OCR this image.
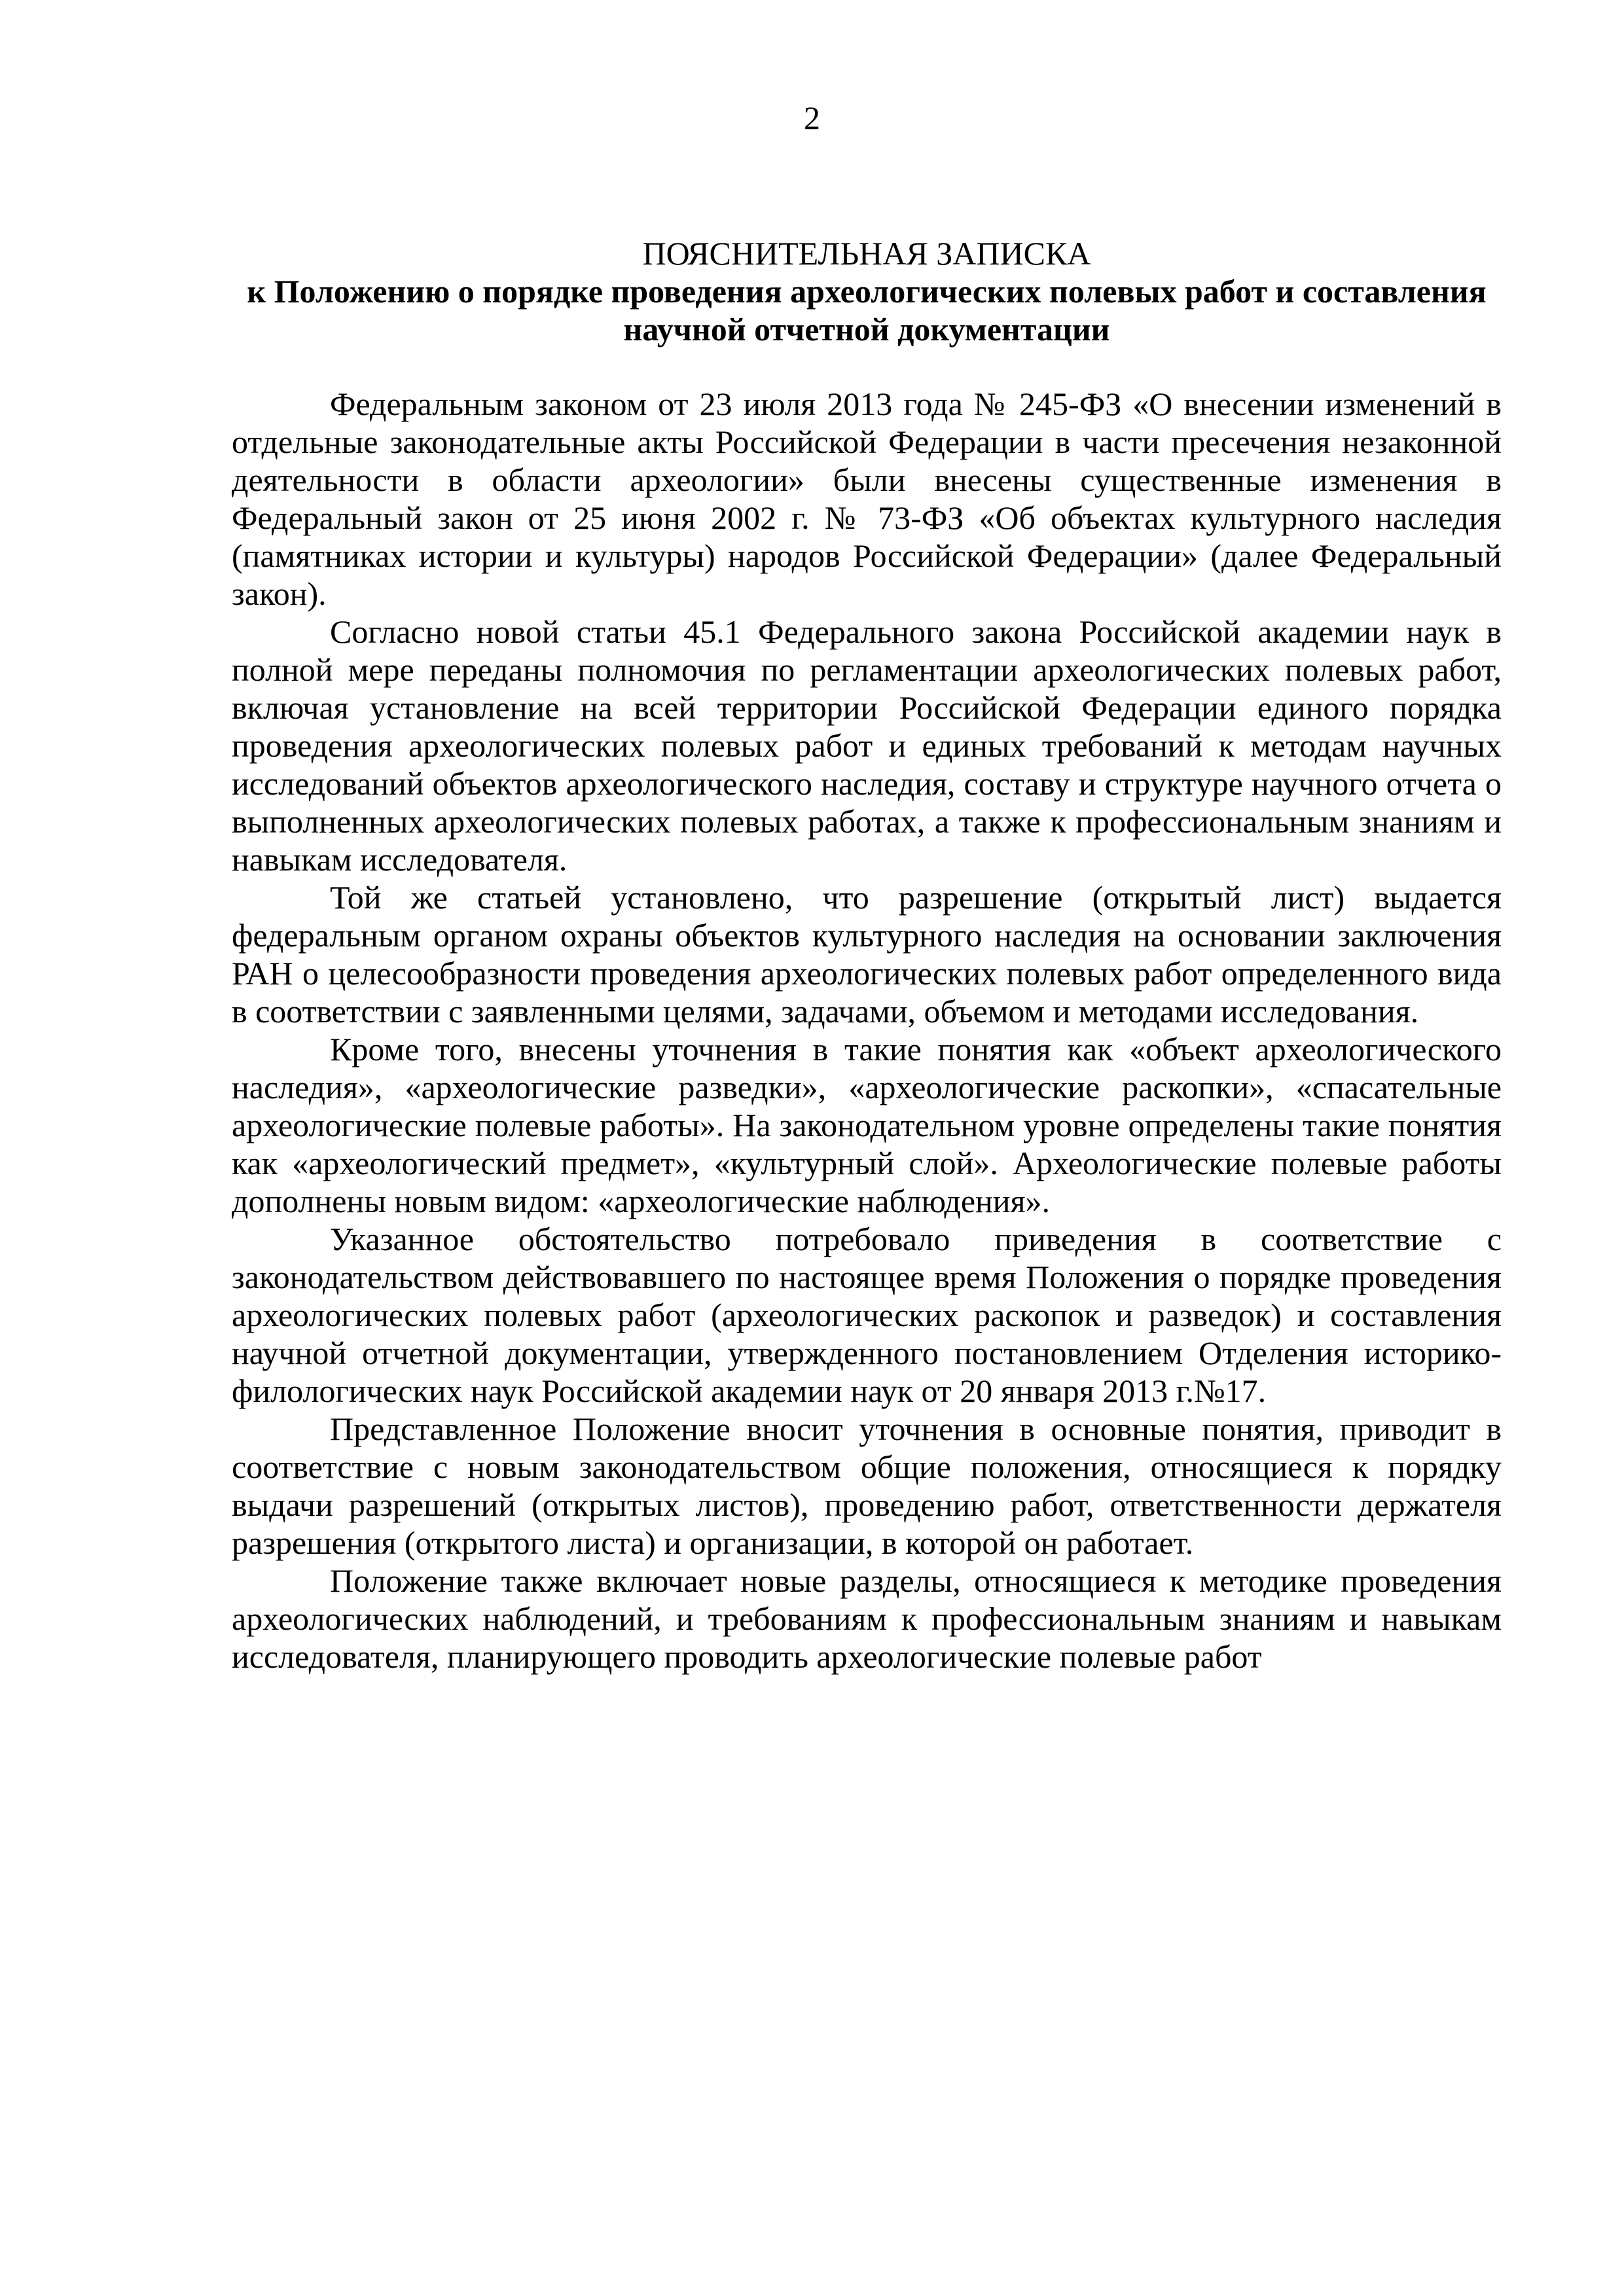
2
ПОЯСНИТЕЛЬНАЯ ЗАПИСКА
к Положению о порядке проведения археологических полевых работ и составления научной отчетной документации

Федеральным законом от 23 июля 2013 года № 245-ФЗ «О внесении изменений в отдельные законодательные акты Российской Федерации в части пресечения незаконной деятельности в области археологии» были внесены существенные изменения в Федеральный закон от 25 июня 2002 г. № 73-ФЗ «Об объектах культурного наследия (памятниках истории и культуры) народов Российской Федерации» (далее Федеральный закон).

Согласно новой статьи 45.1 Федерального закона Российской академии наук в полной мере переданы полномочия по регламентации археологических полевых работ, включая установление на всей территории Российской Федерации единого порядка проведения археологических полевых работ и единых требований к методам научных исследований объектов археологического наследия, составу и структуре научного отчета о выполненных археологических полевых работах, а также к профессиональным знаниям и навыкам исследователя.

Той же статьей установлено, что разрешение (открытый лист) выдается федеральным органом охраны объектов культурного наследия на основании заключения РАН о целесообразности проведения археологических полевых работ определенного вида в соответствии с заявленными целями, задачами, объемом и методами исследования.

Кроме того, внесены уточнения в такие понятия как «объект археологического наследия», «археологические разведки», «археологические раскопки», «спасательные археологические полевые работы». На законодательном уровне определены такие понятия как «археологический предмет», «культурный слой». Археологические полевые работы дополнены новым видом: «археологические наблюдения».

Указанное обстоятельство потребовало приведения в соответствие с законодательством действовавшего по настоящее время Положения о порядке проведения археологических полевых работ (археологических раскопок и разведок) и составления научной отчетной документации, утвержденного постановлением Отделения историко-филологических наук Российской академии наук от 20 января 2013 г.№17.

Представленное Положение вносит уточнения в основные понятия, приводит в соответствие с новым законодательством общие положения, относящиеся к порядку выдачи разрешений (открытых листов), проведению работ, ответственности держателя разрешения (открытого листа) и организации, в которой он работает.

Положение также включает новые разделы, относящиеся к методике проведения археологических наблюдений, и требованиям к профессиональным знаниям и навыкам исследователя, планирующего проводить археологические полевые работ
